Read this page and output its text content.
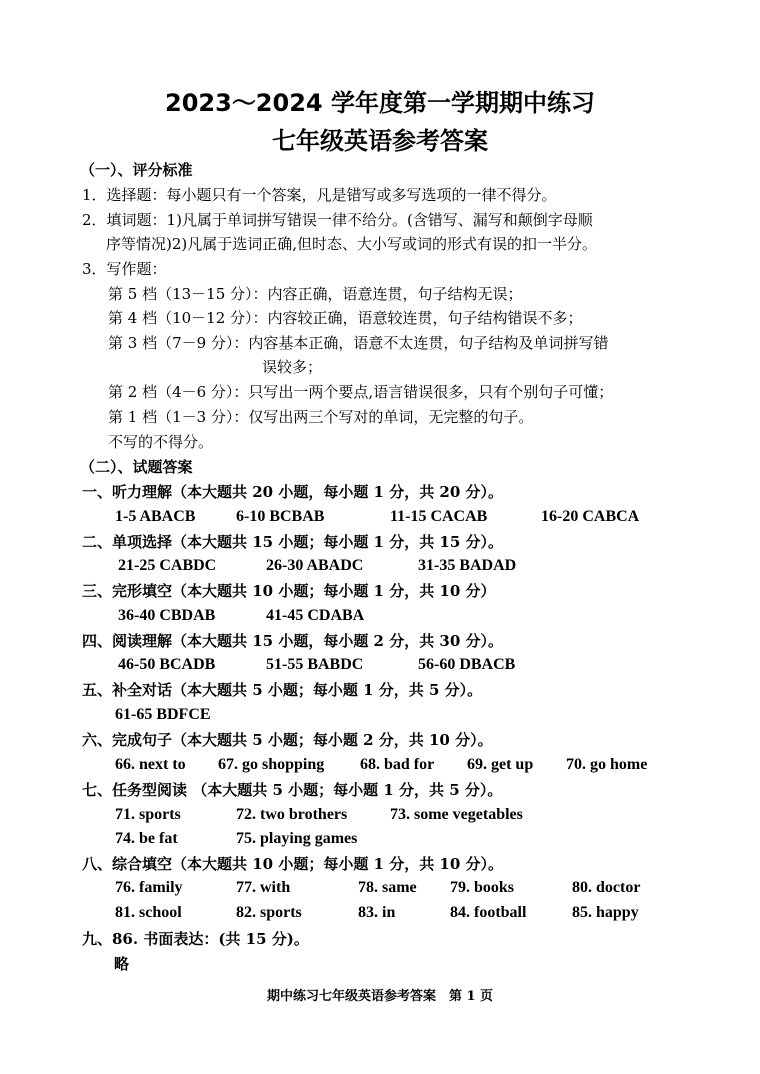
2023～2024 学年度第一学期期中练习
七年级英语参考答案
（一）、评分标准
1．选择题：每小题只有一个答案，凡是错写或多写选项的一律不得分。
2．填词题：1)凡属于单词拼写错误一律不给分。(含错写、漏写和颠倒字母顺
序等情况)2)凡属于选词正确,但时态、大小写或词的形式有误的扣一半分。
3．写作题：
第 5 档（13－15 分）：内容正确，语意连贯，句子结构无误；
第 4 档（10－12 分）：内容较正确，语意较连贯，句子结构错误不多；
第 3 档（7－9 分）：内容基本正确，语意不太连贯，句子结构及单词拼写错
误较多；
第 2 档（4－6 分）：只写出一两个要点,语言错误很多，只有个别句子可懂；
第 1 档（1－3 分）：仅写出两三个写对的单词，无完整的句子。
不写的不得分。
（二）、试题答案
一、听力理解（本大题共 20 小题，每小题 1 分，共 20 分）。
1-5 ABACB	6-10 BCBAB	11-15 CACAB	16-20 CABCA
二、单项选择（本大题共 15 小题；每小题 1 分，共 15 分）。
21-25 CABDC	26-30 ABADC	31-35 BADAD
三、完形填空（本大题共 10 小题；每小题 1 分，共 10 分）
36-40 CBDAB	41-45 CDABA
四、阅读理解（本大题共 15 小题，每小题 2 分，共 30 分）。
46-50 BCADB	51-55 BABDC	56-60 DBACB
五、补全对话（本大题共 5 小题；每小题 1 分，共 5 分）。
61-65 BDFCE
六、完成句子（本大题共 5 小题；每小题 2 分，共 10 分）。
66. next to 67. go shopping 68. bad for 69. get up 70. go home
七、任务型阅读 （本大题共 5 小题；每小题 1 分，共 5 分）。
71. sports	72. two brothers	73. some vegetables
74. be fat	75. playing games
八、综合填空（本大题共 10 小题；每小题 1 分，共 10 分）。
76. family	77. with	78. same 79. books	80. doctor
81. school	82. sports	83. in	84. football	85. happy
九、86. 书面表达：(共 15 分)。
略
期中练习七年级英语参考答案　第 1 页
